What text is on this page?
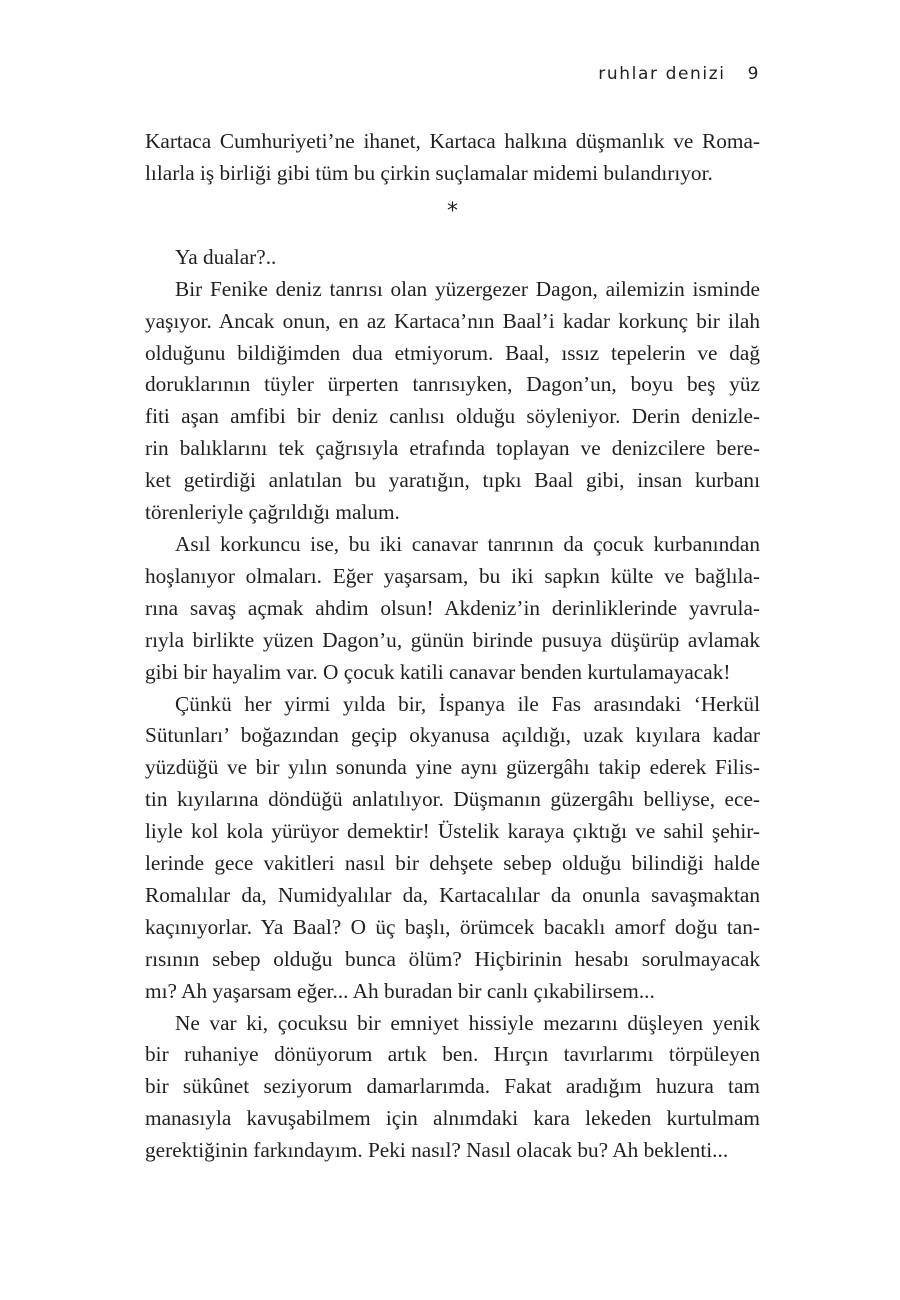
ruhlar denizi 9
Kartaca Cumhuriyeti’ne ihanet, Kartaca halkına düşmanlık ve Roma-
lılarla iş birliği gibi tüm bu çirkin suçlamalar midemi bulandırıyor.
*
Ya dualar?..
Bir Fenike deniz tanrısı olan yüzergezer Dagon, ailemizin isminde
yaşıyor. Ancak onun, en az Kartaca’nın Baal’i kadar korkunç bir ilah
olduğunu bildiğimden dua etmiyorum. Baal, ıssız tepelerin ve dağ
doruklarının tüyler ürperten tanrısıyken, Dagon’un, boyu beş yüz
fiti aşan amfibi bir deniz canlısı olduğu söyleniyor. Derin denizle-
rin balıklarını tek çağrısıyla etrafında toplayan ve denizcilere bere-
ket getirdiği anlatılan bu yaratığın, tıpkı Baal gibi, insan kurbanı
törenleriyle çağrıldığı malum.
Asıl korkuncu ise, bu iki canavar tanrının da çocuk kurbanından
hoşlanıyor olmaları. Eğer yaşarsam, bu iki sapkın külte ve bağlıla-
rına savaş açmak ahdim olsun! Akdeniz’in derinliklerinde yavrula-
rıyla birlikte yüzen Dagon’u, günün birinde pusuya düşürüp avlamak
gibi bir hayalim var. O çocuk katili canavar benden kurtulamayacak!
Çünkü her yirmi yılda bir, İspanya ile Fas arasındaki ‘Herkül
Sütunları’ boğazından geçip okyanusa açıldığı, uzak kıyılara kadar
yüzdüğü ve bir yılın sonunda yine aynı güzergâhı takip ederek Filis-
tin kıyılarına döndüğü anlatılıyor. Düşmanın güzergâhı belliyse, ece-
liyle kol kola yürüyor demektir! Üstelik karaya çıktığı ve sahil şehir-
lerinde gece vakitleri nasıl bir dehşete sebep olduğu bilindiği halde
Romalılar da, Numidyalılar da, Kartacalılar da onunla savaşmaktan
kaçınıyorlar. Ya Baal? O üç başlı, örümcek bacaklı amorf doğu tan-
rısının sebep olduğu bunca ölüm? Hiçbirinin hesabı sorulmayacak
mı? Ah yaşarsam eğer... Ah buradan bir canlı çıkabilirsem...
Ne var ki, çocuksu bir emniyet hissiyle mezarını düşleyen yenik
bir ruhaniye dönüyorum artık ben. Hırçın tavırlarımı törpüleyen
bir sükûnet seziyorum damarlarımda. Fakat aradığım huzura tam
manasıyla kavuşabilmem için alnımdaki kara lekeden kurtulmam
gerektiğinin farkındayım. Peki nasıl? Nasıl olacak bu? Ah beklenti...
